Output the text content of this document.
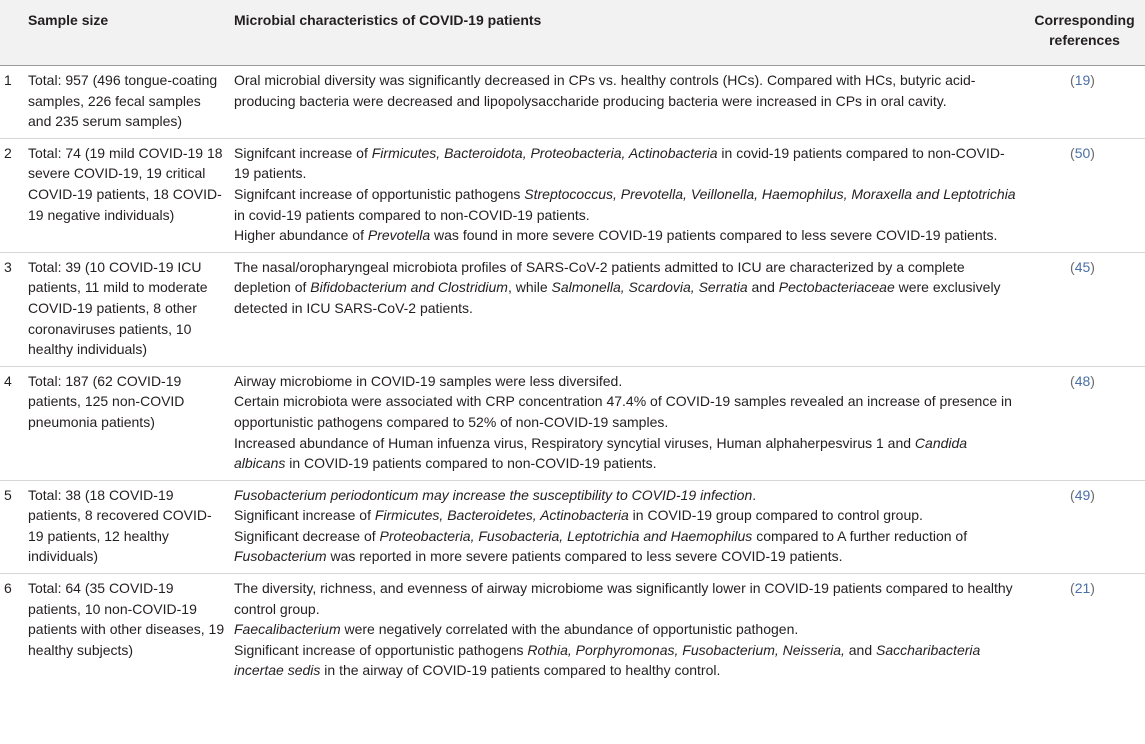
Sample size		Microbial characteristics of COVID-19 patients	Corresponding
references

1	Total: 957 (496 tongue-coating samples, 226 fecal samples and 235 serum samples)	Oral microbial diversity was significantly decreased in CPs vs. healthy controls (HCs). Compared with HCs, butyric acid-producing bacteria were decreased and lipopolysaccharide producing bacteria were increased in CPs in oral cavity.	(19)
2	Total: 74 (19 mild COVID-19 18 severe COVID-19, 19 critical COVID-19 patients, 18 COVID-19 negative individuals)	Signifcant increase of Firmicutes, Bacteroidota, Proteobacteria, Actinobacteria in covid-19 patients compared to non-COVID-19 patients.
Signifcant increase of opportunistic pathogens Streptococcus, Prevotella, Veillonella, Haemophilus, Moraxella and Leptotrichia in covid-19 patients compared to non-COVID-19 patients.
Higher abundance of Prevotella was found in more severe COVID-19 patients compared to less severe COVID-19 patients.	(50)
3	Total: 39 (10 COVID-19 ICU patients, 11 mild to moderate COVID-19 patients, 8 other coronaviruses patients, 10 healthy individuals)	The nasal/oropharyngeal microbiota profiles of SARS-CoV-2 patients admitted to ICU are characterized by a complete depletion of Bifidobacterium and Clostridium, while Salmonella, Scardovia, Serratia and Pectobacteriaceae were exclusively detected in ICU SARS-CoV-2 patients.	(45)
4	Total: 187 (62 COVID-19 patients, 125 non-COVID pneumonia patients)	Airway microbiome in COVID-19 samples were less diversifed.
Certain microbiota were associated with CRP concentration 47.4% of COVID-19 samples revealed an increase of presence in opportunistic pathogens compared to 52% of non-COVID-19 samples.
Increased abundance of Human infuenza virus, Respiratory syncytial viruses, Human alphaherpesvirus 1 and Candida albicans in COVID-19 patients compared to non-COVID-19 patients.	(48)
5	Total: 38 (18 COVID-19 patients, 8 recovered COVID-19 patients, 12 healthy individuals)	Fusobacterium periodonticum may increase the susceptibility to COVID-19 infection.
Significant increase of Firmicutes, Bacteroidetes, Actinobacteria in COVID-19 group compared to control group.
Significant decrease of Proteobacteria, Fusobacteria, Leptotrichia and Haemophilus compared to A further reduction of Fusobacterium was reported in more severe patients compared to less severe COVID-19 patients.	(49)
6	Total: 64 (35 COVID-19 patients, 10 non-COVID-19 patients with other diseases, 19 healthy subjects)	The diversity, richness, and evenness of airway microbiome was significantly lower in COVID-19 patients compared to healthy control group.
Faecalibacterium were negatively correlated with the abundance of opportunistic pathogen.
Significant increase of opportunistic pathogens Rothia, Porphyromonas, Fusobacterium, Neisseria, and Saccharibacteria incertae sedis in the airway of COVID-19 patients compared to healthy control.	(21)
